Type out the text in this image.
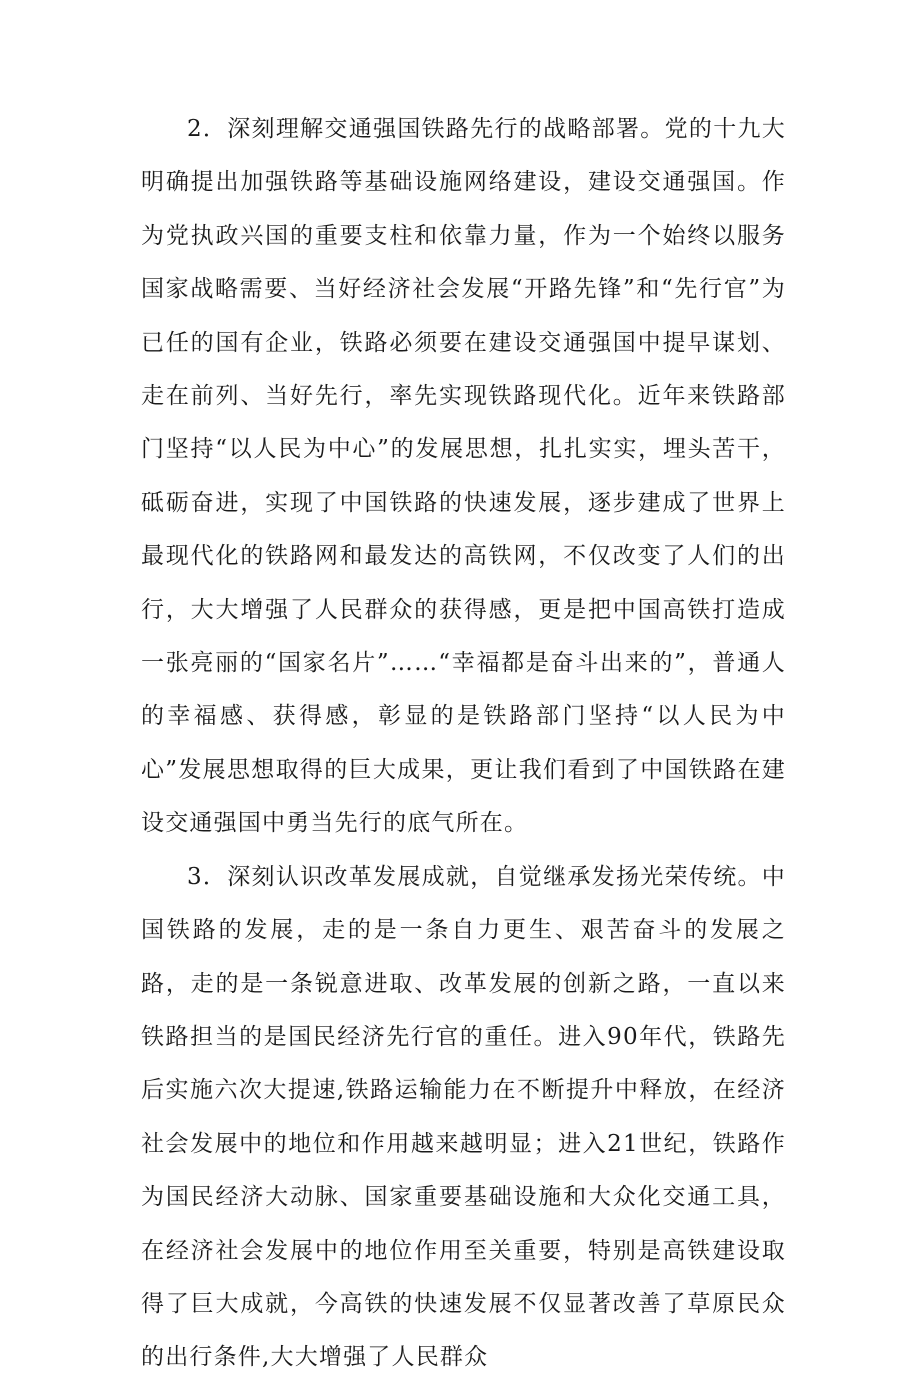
2．深刻理解交通强国铁路先行的战略部署。党的十九大明确提出加强铁路等基础设施网络建设，建设交通强国。作为党执政兴国的重要支柱和依靠力量，作为一个始终以服务国家战略需要、当好经济社会发展“开路先锋”和“先行官”为已任的国有企业，铁路必须要在建设交通强国中提早谋划、走在前列、当好先行，率先实现铁路现代化。近年来铁路部门坚持“以人民为中心”的发展思想，扎扎实实，埋头苦干，砥砺奋进，实现了中国铁路的快速发展，逐步建成了世界上最现代化的铁路网和最发达的高铁网，不仅改变了人们的出行，大大增强了人民群众的获得感，更是把中国高铁打造成一张亮丽的“国家名片”……“幸福都是奋斗出来的”，普通人的幸福感、获得感，彰显的是铁路部门坚持“以人民为中心”发展思想取得的巨大成果，更让我们看到了中国铁路在建设交通强国中勇当先行的底气所在。

3．深刻认识改革发展成就，自觉继承发扬光荣传统。中国铁路的发展，走的是一条自力更生、艰苦奋斗的发展之路，走的是一条锐意进取、改革发展的创新之路，一直以来铁路担当的是国民经济先行官的重任。进入90年代，铁路先后实施六次大提速,铁路运输能力在不断提升中释放，在经济社会发展中的地位和作用越来越明显；进入21世纪，铁路作为国民经济大动脉、国家重要基础设施和大众化交通工具，在经济社会发展中的地位作用至关重要，特别是高铁建设取得了巨大成就，今高铁的快速发展不仅显著改善了草原民众的出行条件,大大增强了人民群众
